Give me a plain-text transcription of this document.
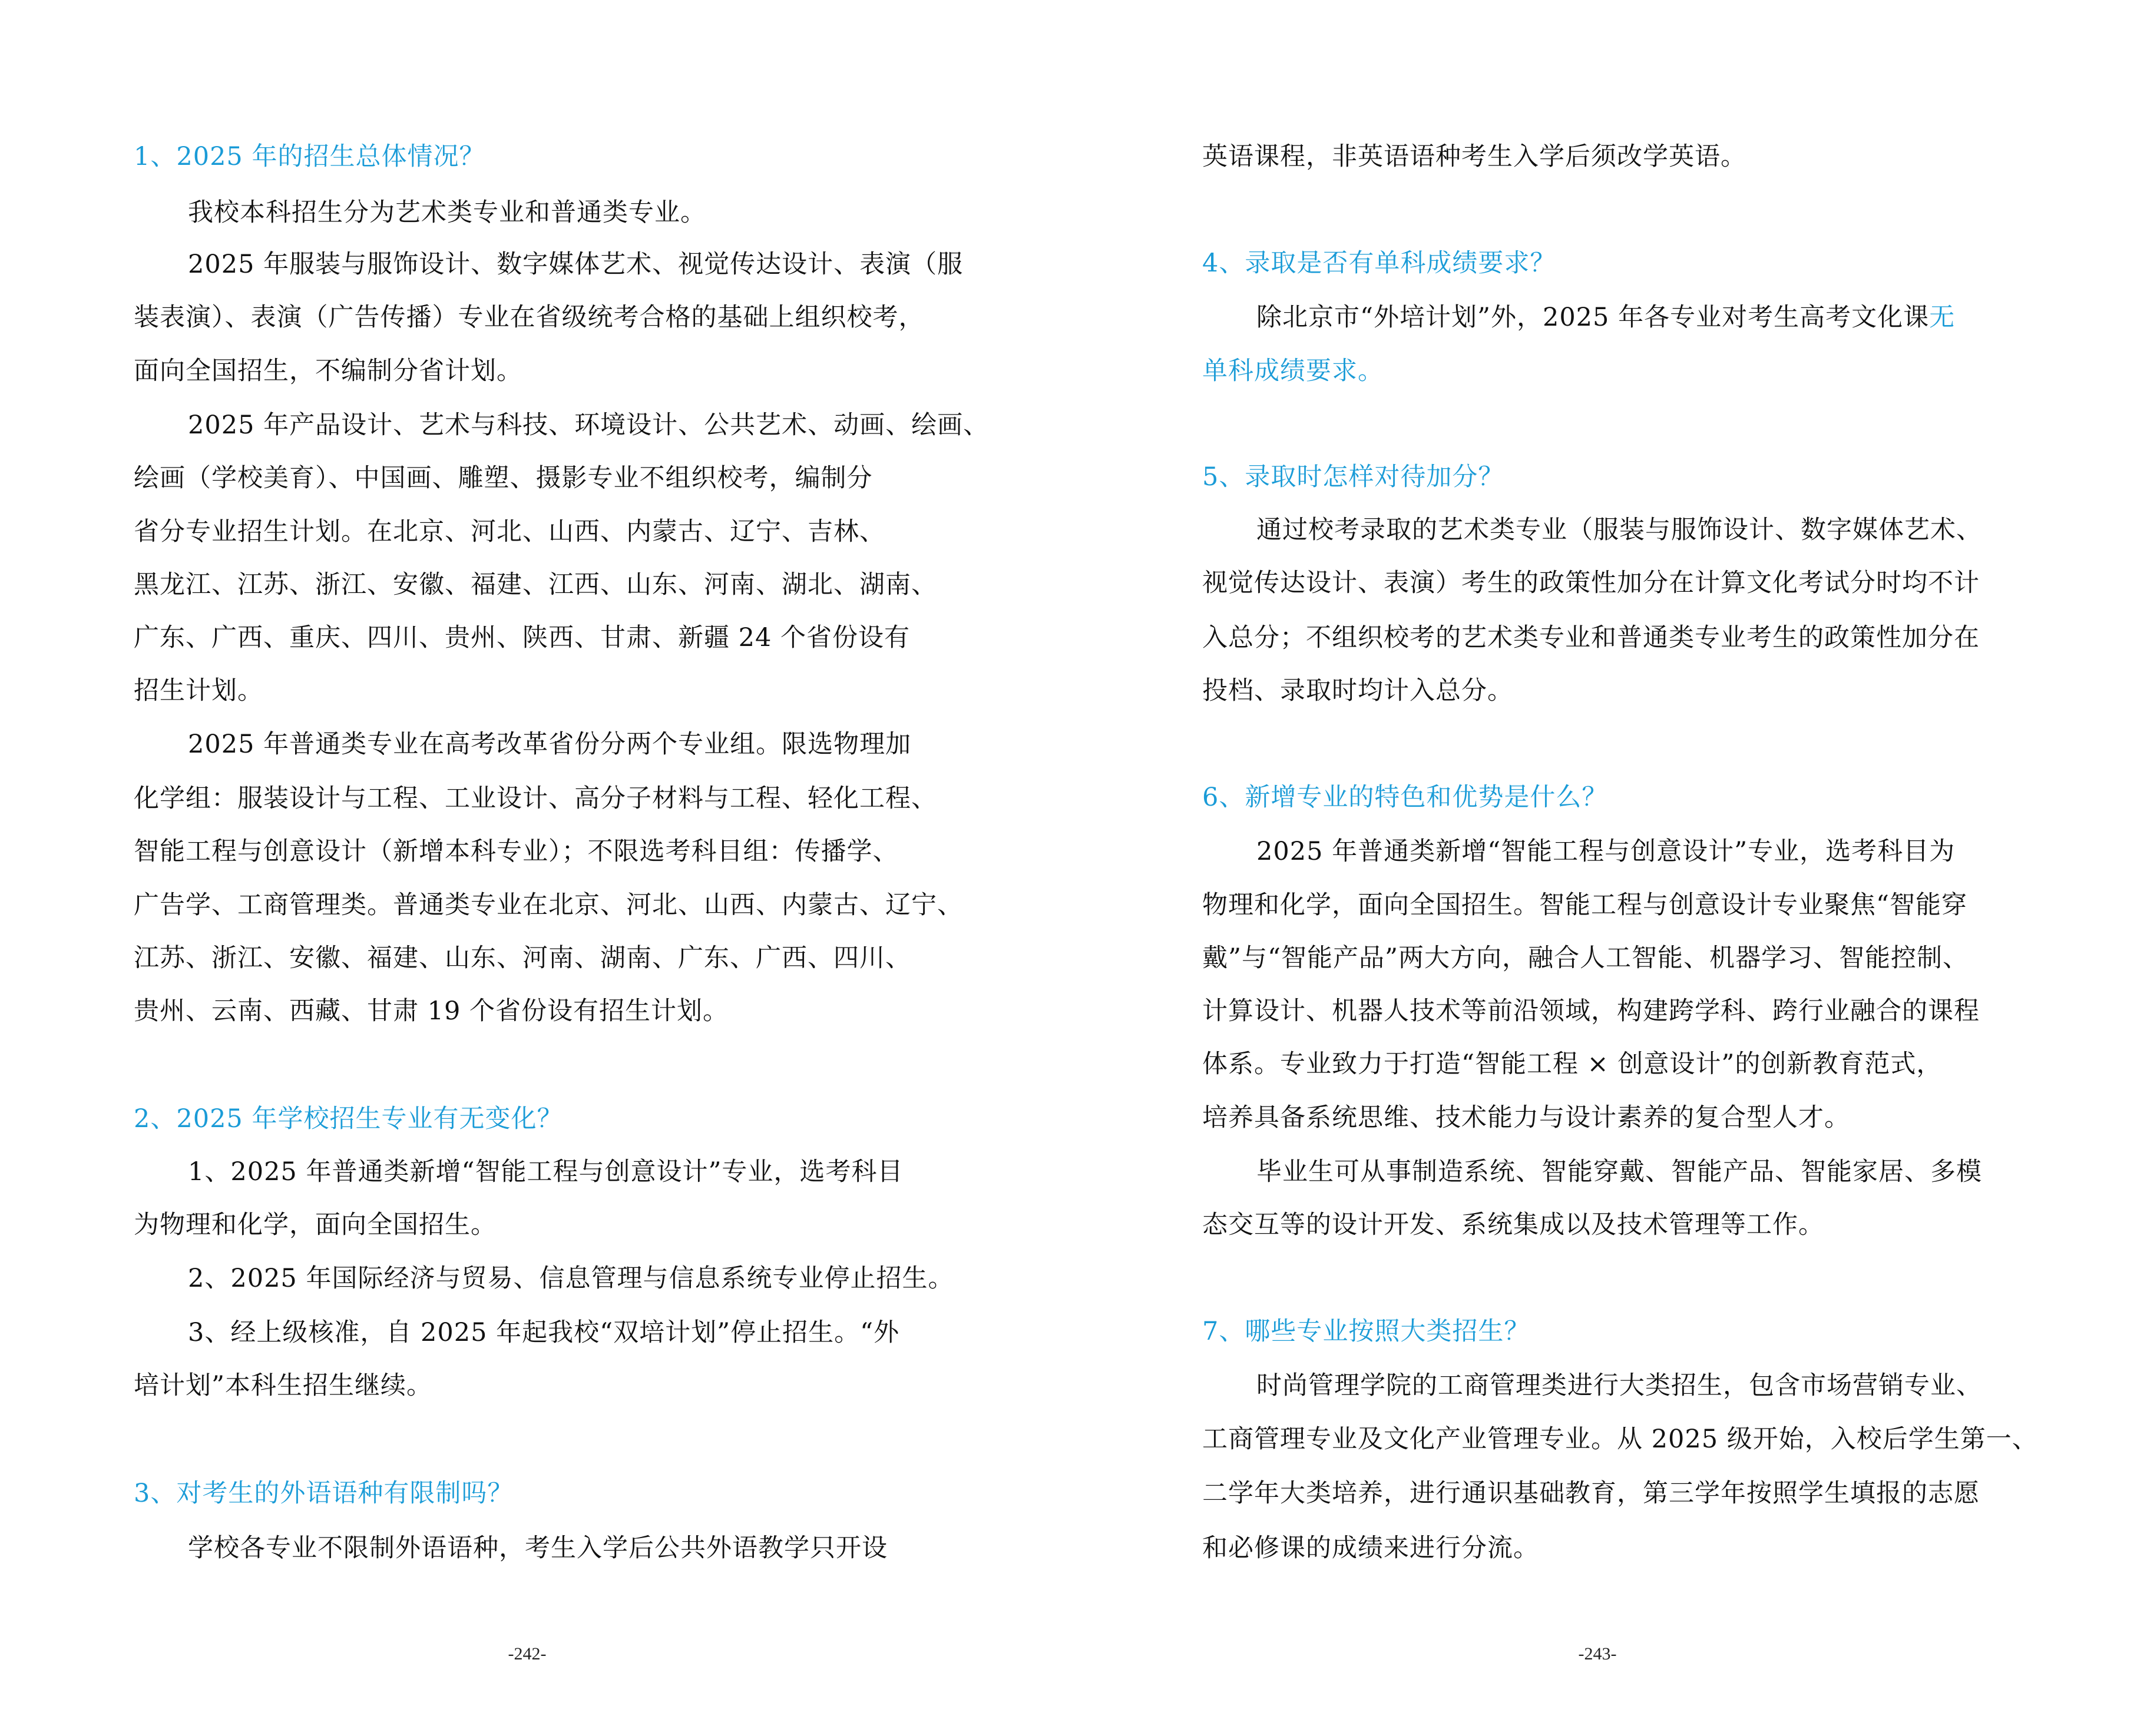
1、2025 年的招生总体情况？
我校本科招生分为艺术类专业和普通类专业。
2025 年服装与服饰设计、数字媒体艺术、视觉传达设计、表演（服
装表演）、表演（广告传播）专业在省级统考合格的基础上组织校考，
面向全国招生，不编制分省计划。
2025 年产品设计、艺术与科技、环境设计、公共艺术、动画、绘画、
绘画（学校美育）、中国画、雕塑、摄影专业不组织校考，编制分
省分专业招生计划。在北京、河北、山西、内蒙古、辽宁、吉林、
黑龙江、江苏、浙江、安徽、福建、江西、山东、河南、湖北、湖南、
广东、广西、重庆、四川、贵州、陕西、甘肃、新疆 24 个省份设有
招生计划。
2025 年普通类专业在高考改革省份分两个专业组。限选物理加
化学组：服装设计与工程、工业设计、高分子材料与工程、轻化工程、
智能工程与创意设计（新增本科专业）；不限选考科目组：传播学、
广告学、工商管理类。普通类专业在北京、河北、山西、内蒙古、辽宁、
江苏、浙江、安徽、福建、山东、河南、湖南、广东、广西、四川、
贵州、云南、西藏、甘肃 19 个省份设有招生计划。
2、2025 年学校招生专业有无变化？
1、2025 年普通类新增“智能工程与创意设计”专业，选考科目
为物理和化学，面向全国招生。
2、2025 年国际经济与贸易、信息管理与信息系统专业停止招生。
3、经上级核准，自 2025 年起我校“双培计划”停止招生。“外
培计划”本科生招生继续。
3、对考生的外语语种有限制吗？
学校各专业不限制外语语种，考生入学后公共外语教学只开设
英语课程，非英语语种考生入学后须改学英语。
4、录取是否有单科成绩要求？
除北京市“外培计划”外，2025 年各专业对考生高考文化课无
单科成绩要求。
5、录取时怎样对待加分？
通过校考录取的艺术类专业（服装与服饰设计、数字媒体艺术、
视觉传达设计、表演）考生的政策性加分在计算文化考试分时均不计
入总分；不组织校考的艺术类专业和普通类专业考生的政策性加分在
投档、录取时均计入总分。
6、新增专业的特色和优势是什么？
2025 年普通类新增“智能工程与创意设计”专业，选考科目为
物理和化学，面向全国招生。智能工程与创意设计专业聚焦“智能穿
戴”与“智能产品”两大方向，融合人工智能、机器学习、智能控制、
计算设计、机器人技术等前沿领域，构建跨学科、跨行业融合的课程
体系。专业致力于打造“智能工程 × 创意设计”的创新教育范式，
培养具备系统思维、技术能力与设计素养的复合型人才。
毕业生可从事制造系统、智能穿戴、智能产品、智能家居、多模
态交互等的设计开发、系统集成以及技术管理等工作。
7、哪些专业按照大类招生？
时尚管理学院的工商管理类进行大类招生，包含市场营销专业、
工商管理专业及文化产业管理专业。从 2025 级开始，入校后学生第一、
二学年大类培养，进行通识基础教育，第三学年按照学生填报的志愿
和必修课的成绩来进行分流。
-242-	-243-
